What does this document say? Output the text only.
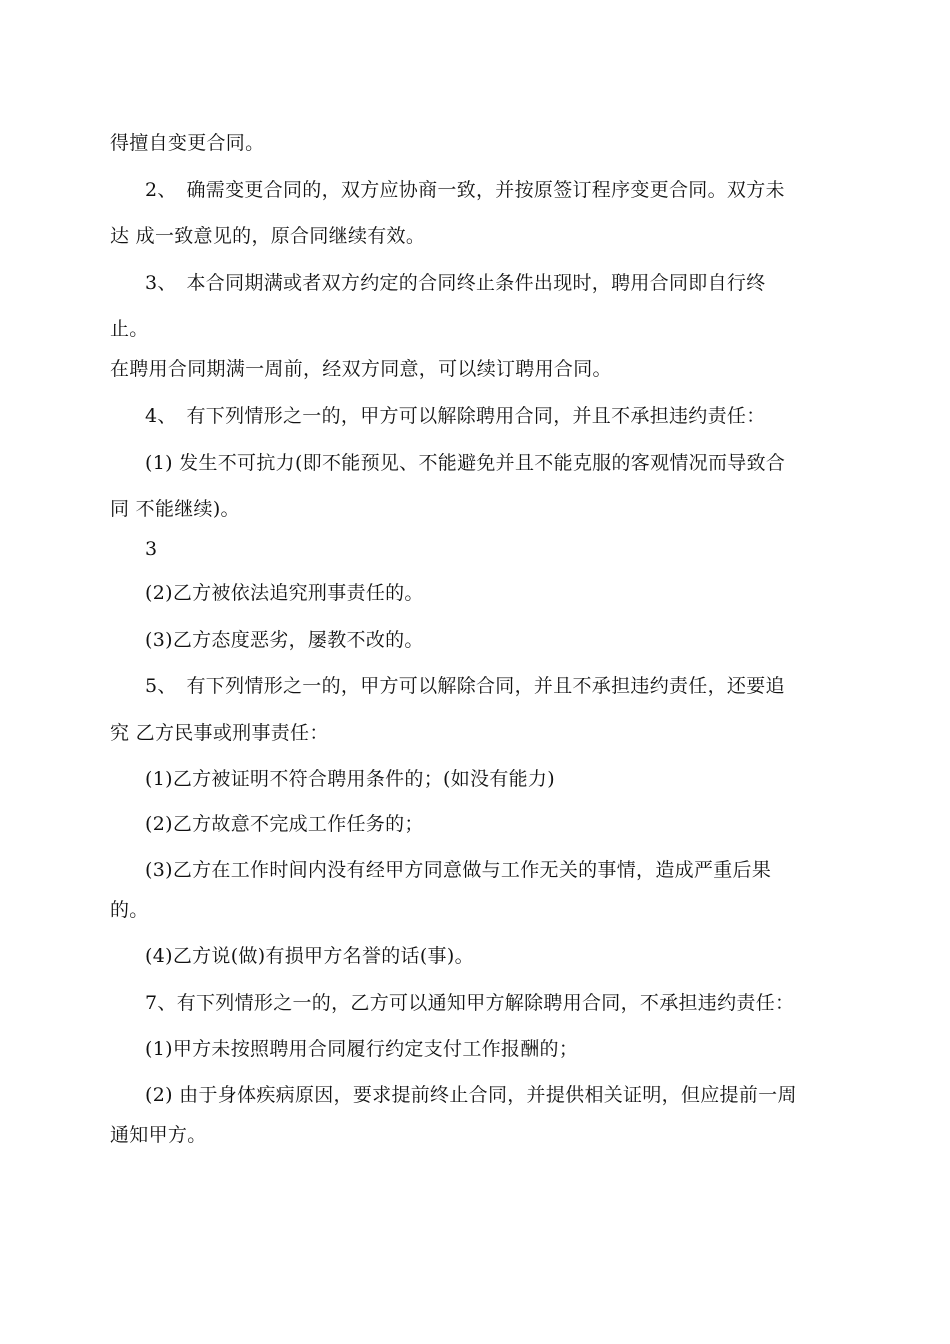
得擅自变更合同。
2、　确需变更合同的，双方应协商一致，并按原签订程序变更合同。双方未
达 成一致意见的，原合同继续有效。
3、　本合同期满或者双方约定的合同终止条件出现时，聘用合同即自行终
止。
在聘用合同期满一周前，经双方同意，可以续订聘用合同。
4、　有下列情形之一的，甲方可以解除聘用合同，并且不承担违约责任：
(1) 发生不可抗力(即不能预见、不能避免并且不能克服的客观情况而导致合
同 不能继续)。
3
(2)乙方被依法追究刑事责任的。
(3)乙方态度恶劣，屡教不改的。
5、　有下列情形之一的，甲方可以解除合同，并且不承担违约责任，还要追
究 乙方民事或刑事责任：
(1)乙方被证明不符合聘用条件的；(如没有能力)
(2)乙方故意不完成工作任务的；
(3)乙方在工作时间内没有经甲方同意做与工作无关的事情，造成严重后果
的。
(4)乙方说(做)有损甲方名誉的话(事)。
7、有下列情形之一的，乙方可以通知甲方解除聘用合同，不承担违约责任：
(1)甲方未按照聘用合同履行约定支付工作报酬的；
(2) 由于身体疾病原因，要求提前终止合同，并提供相关证明，但应提前一周
通知甲方。
